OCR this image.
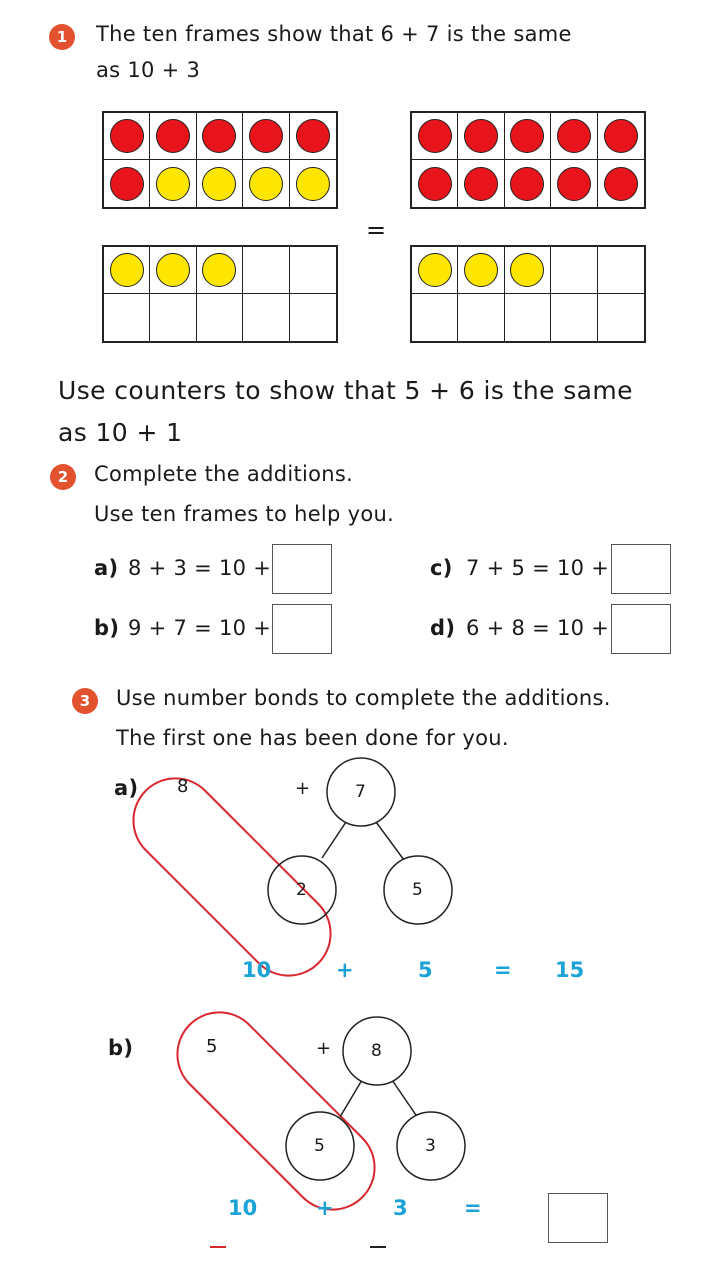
1	The ten frames show that 6 + 7 is the same
as 10 + 3
=
Use counters to show that 5 + 6 is the same
as 10 + 1
2	Complete the additions.
Use ten frames to help you.
a) 8 + 3 = 10 +
b) 9 + 7 = 10 +
c) 7 + 5 = 10 +
d) 6 + 8 = 10 +
3	Use number bonds to complete the additions.
The first one has been done for you.
a) 8	+	7
2	5
10	+	5	= 15
b)	5	+ 8
5	3
10	+	3	=
